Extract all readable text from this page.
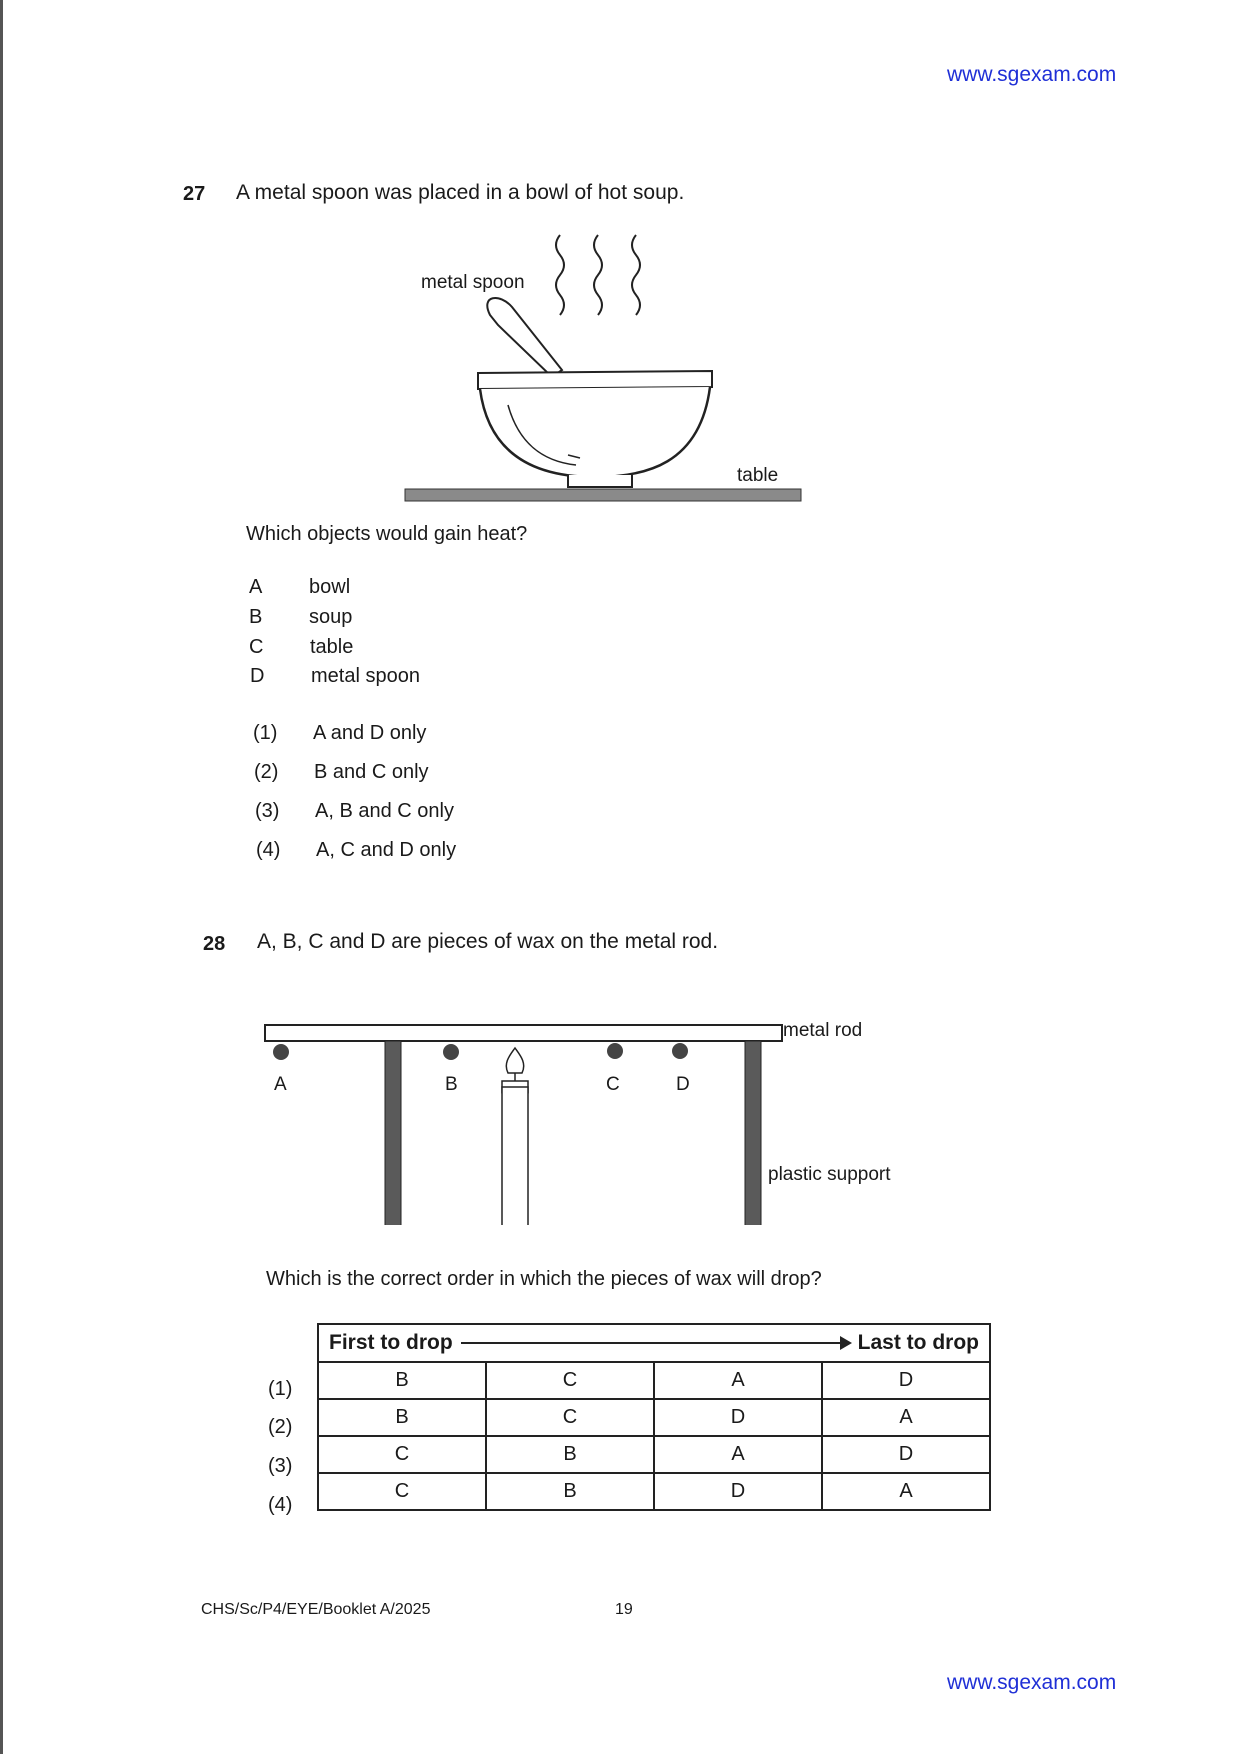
www.sgexam.com
27 A metal spoon was placed in a bowl of hot soup.
metal spoon
table
Which objects would gain heat?
A bowl
B soup
C table
D metal spoon
(1) A and D only
(2) B and C only
(3) A, B and C only
(4) A, C and D only
28 A, B, C and D are pieces of wax on the metal rod.
metal rod
plastic support
A	B	C	D
Which is the correct order in which the pieces of wax will drop?
(1)
(2)
(3)
(4)
First to drop Last to drop			

B	C	A	D
B	C	D	A
C	B	A	D
C	B	D	A
CHS/Sc/P4/EYE/Booklet A/2025	19
www.sgexam.com
